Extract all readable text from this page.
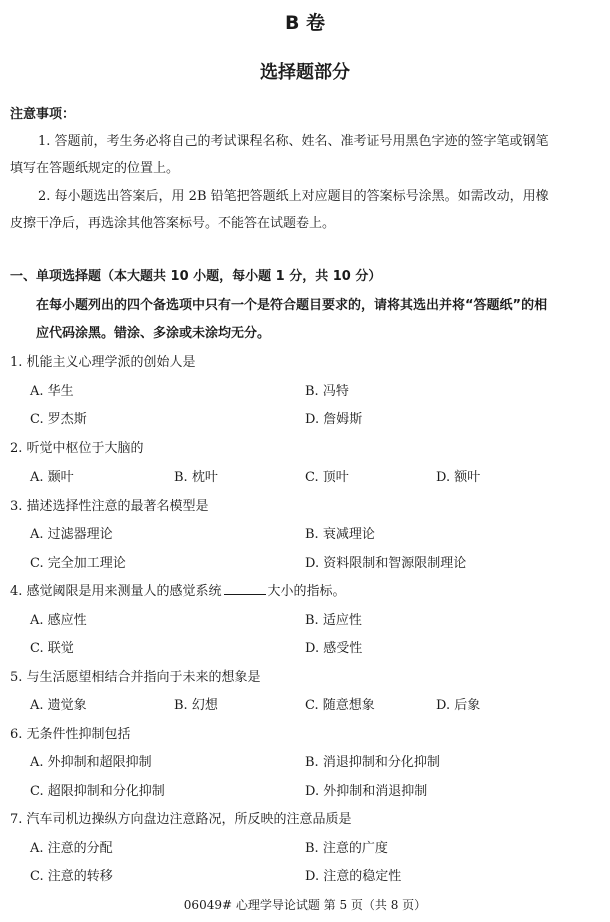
B 卷
选择题部分
注意事项：
1. 答题前，考生务必将自己的考试课程名称、姓名、准考证号用黑色字迹的签字笔或钢笔
填写在答题纸规定的位置上。
2. 每小题选出答案后，用 2B 铅笔把答题纸上对应题目的答案标号涂黑。如需改动，用橡
皮擦干净后，再选涂其他答案标号。不能答在试题卷上。
一、单项选择题（本大题共 10 小题，每小题 1 分，共 10 分）
在每小题列出的四个备选项中只有一个是符合题目要求的，请将其选出并将“答题纸”的相
应代码涂黑。错涂、多涂或未涂均无分。
1. 机能主义心理学派的创始人是
A. 华生	B. 冯特
C. 罗杰斯	D. 詹姆斯
2. 听觉中枢位于大脑的
A. 颞叶	B. 枕叶	C. 顶叶	D. 额叶
3. 描述选择性注意的最著名模型是
A. 过滤器理论	B. 衰减理论
C. 完全加工理论	D. 资料限制和智源限制理论
4. 感觉阈限是用来测量人的感觉系统	大小的指标。
A. 感应性	B. 适应性
C. 联觉	D. 感受性
5. 与生活愿望相结合并指向于未来的想象是
A. 遗觉象	B. 幻想	C. 随意想象	D. 后象
6. 无条件性抑制包括
A. 外抑制和超限抑制	B. 消退抑制和分化抑制
C. 超限抑制和分化抑制	D. 外抑制和消退抑制
7. 汽车司机边操纵方向盘边注意路况，所反映的注意品质是
A. 注意的分配	B. 注意的广度
C. 注意的转移	D. 注意的稳定性
06049# 心理学导论试题 第 5 页（共 8 页）
